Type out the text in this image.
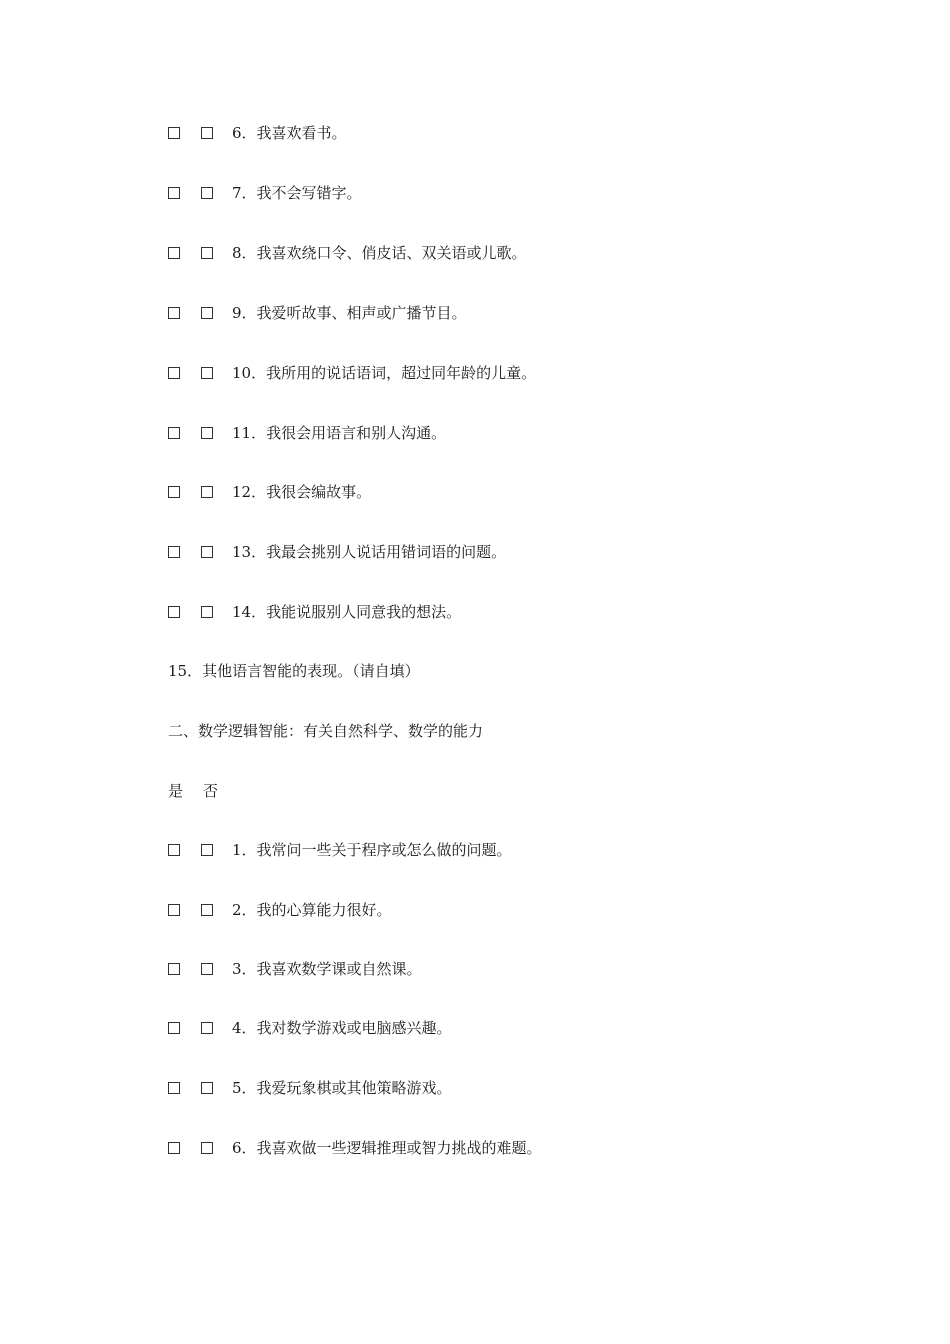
6． 我喜欢看书。
7． 我不会写错字。
8． 我喜欢绕口令、俏皮话、双关语或儿歌。
9． 我爱听故事、相声或广播节目。
10． 我所用的说话语词，超过同年龄的儿童。
11． 我很会用语言和别人沟通。
12． 我很会编故事。
13． 我最会挑别人说话用错词语的问题。
14． 我能说服别人同意我的想法。
15．其他语言智能的表现。（请自填）
二、数学逻辑智能：有关自然科学、数学的能力
是 否
1． 我常问一些关于程序或怎么做的问题。
2． 我的心算能力很好。
3． 我喜欢数学课或自然课。
4． 我对数学游戏或电脑感兴趣。
5． 我爱玩象棋或其他策略游戏。
6． 我喜欢做一些逻辑推理或智力挑战的难题。
